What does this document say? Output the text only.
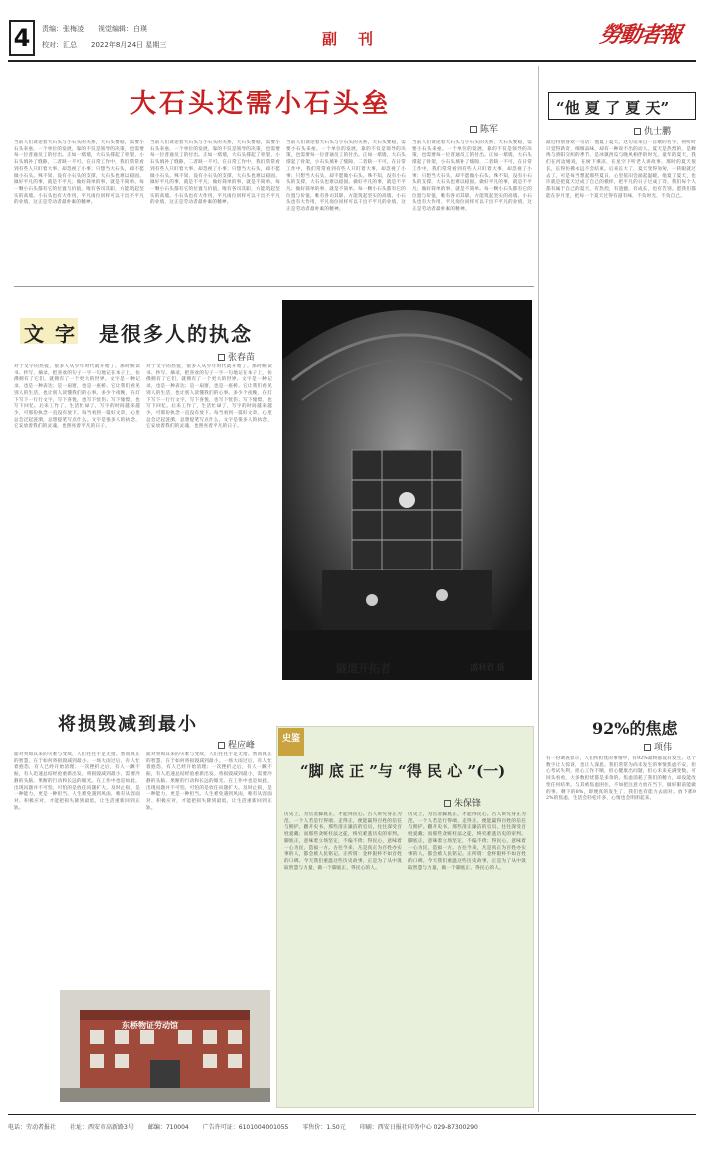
4 责编：张梅凌　　视觉编辑：白瑛
校对：汇总　　2022年8月24日 星期三	副　刊	勞動者報
大石头还需小石头垒
陈军
当前人们谈论着大石头与小石头的关系，大石头要稳，需要小石头来垒。一个单位的发展，靠的不仅是领导的决策，也需要每一位普通员工的付出。正如一堵墙，大石头撑起了骨架，小石头填补了缝隙，二者缺一不可。在日常工作中，我们常常看到有些人只盯着大事，却忽视了小事；只想当大石头，却不愿做小石头。殊不知，没有小石头的支撑，大石头也难以稳固。做好平凡的事，就是不平凡；做好简单的事，就是不简单。每一颗小石头都有它的位置与价值，唯有各司其职，方能筑起坚实的高墙。小石头也有大作用，平凡岗位同样可以干出不平凡的业绩，这正是劳动者最朴素的精神。
当前人们谈论着大石头与小石头的关系，大石头要稳，需要小石头来垒。一个单位的发展，靠的不仅是领导的决策，也需要每一位普通员工的付出。正如一堵墙，大石头撑起了骨架，小石头填补了缝隙，二者缺一不可。在日常工作中，我们常常看到有些人只盯着大事，却忽视了小事；只想当大石头，却不愿做小石头。殊不知，没有小石头的支撑，大石头也难以稳固。做好平凡的事，就是不平凡；做好简单的事，就是不简单。每一颗小石头都有它的位置与价值，唯有各司其职，方能筑起坚实的高墙。小石头也有大作用，平凡岗位同样可以干出不平凡的业绩，这正是劳动者最朴素的精神。
当前人们谈论着大石头与小石头的关系，大石头要稳，需要小石头来垒。一个单位的发展，靠的不仅是领导的决策，也需要每一位普通员工的付出。正如一堵墙，大石头撑起了骨架，小石头填补了缝隙，二者缺一不可。在日常工作中，我们常常看到有些人只盯着大事，却忽视了小事；只想当大石头，却不愿做小石头。殊不知，没有小石头的支撑，大石头也难以稳固。做好平凡的事，就是不平凡；做好简单的事，就是不简单。每一颗小石头都有它的位置与价值，唯有各司其职，方能筑起坚实的高墙。小石头也有大作用，平凡岗位同样可以干出不平凡的业绩，这正是劳动者最朴素的精神。
当前人们谈论着大石头与小石头的关系，大石头要稳，需要小石头来垒。一个单位的发展，靠的不仅是领导的决策，也需要每一位普通员工的付出。正如一堵墙，大石头撑起了骨架，小石头填补了缝隙，二者缺一不可。在日常工作中，我们常常看到有些人只盯着大事，却忽视了小事；只想当大石头，却不愿做小石头。殊不知，没有小石头的支撑，大石头也难以稳固。做好平凡的事，就是不平凡；做好简单的事，就是不简单。每一颗小石头都有它的位置与价值，唯有各司其职，方能筑起坚实的高墙。小石头也有大作用，平凡岗位同样可以干出不平凡的业绩，这正是劳动者最朴素的精神。
文 字　是很多人的执念
张春苗
对于文字的热爱，很多人从少年时代就开始了。那时候读书、抄写、摘录，把喜欢的句子一字一句地记在本子上，仿佛拥有了它们，就拥有了一个更大的世界。文字是一种记录，也是一种表达；是一扇窗，也是一座桥。它让我们看见别人的生活，也让别人读懂我们的心事。多少个夜晚，在灯下写下一行行文字，写下喜悦，也写下忧伤；写下憧憬，也写下回忆。后来工作了，生活忙碌了，写字的时间越来越少，可那份执念一直没有放下。每当看到一篇好文章，心里总会泛起涟漪，总想提笔写点什么。文字是很多人的执念，它安放着我们的灵魂，也照亮着平凡的日子。
对于文字的热爱，很多人从少年时代就开始了。那时候读书、抄写、摘录，把喜欢的句子一字一句地记在本子上，仿佛拥有了它们，就拥有了一个更大的世界。文字是一种记录，也是一种表达；是一扇窗，也是一座桥。它让我们看见别人的生活，也让别人读懂我们的心事。多少个夜晚，在灯下写下一行行文字，写下喜悦，也写下忧伤；写下憧憬，也写下回忆。后来工作了，生活忙碌了，写字的时间越来越少，可那份执念一直没有放下。每当看到一篇好文章，心里总会泛起涟漪，总想提笔写点什么。文字是很多人的执念，它安放着我们的灵魂，也照亮着平凡的日子。
隧道开拓者	盛利君 摄
将损毁减到最小
程应峰
面对突如其来的灾难与变故，人们往往手足无措。然而真正的智慧，在于如何将损毁减到最小。一场大雨过后，有人忙着抱怨，有人已经开始清理；一次挫折之后，有人一蹶不振，有人迅速总结经验重新出发。将损毁减到最小，需要冷静的头脑、果断的行动和长远的眼光。在工作中也是如此，出现问题并不可怕，可怕的是放任问题扩大。及时止损，是一种能力，更是一种担当。人生难免遇到风雨，唯有从容面对、积极应对，才能把损失降到最低，让生活重新回到正轨。
面对突如其来的灾难与变故，人们往往手足无措。然而真正的智慧，在于如何将损毁减到最小。一场大雨过后，有人忙着抱怨，有人已经开始清理；一次挫折之后，有人一蹶不振，有人迅速总结经验重新出发。将损毁减到最小，需要冷静的头脑、果断的行动和长远的眼光。在工作中也是如此，出现问题并不可怕，可怕的是放任问题扩大。及时止损，是一种能力，更是一种担当。人生难免遇到风雨，唯有从容面对、积极应对，才能把损失降到最低，让生活重新回到正轨。
东桥物证劳动馆
史鉴
“脚 底 正 ”与 “得 民 心 ”(一)
朱保锋
历史上，为官者脚底正，才能得民心。古人讲究身正为范，一个人若是行得端、走得正，便能赢得百姓的信任与拥护。翻开史书，那些清正廉洁的官员，往往深受百姓爱戴；而那些贪赃枉法之徒，终究难逃历史的审判。脚底正，意味着立场坚定，不偏不倚；得民心，意味着一心为民，造福一方。古往今来，凡是真正为百姓办实事的人，都会被人民铭记。正所谓：金杯银杯不如百姓的口碑。今天我们重温这些历史故事，正是为了从中汲取智慧与力量，做一个脚底正、得民心的人。
历史上，为官者脚底正，才能得民心。古人讲究身正为范，一个人若是行得端、走得正，便能赢得百姓的信任与拥护。翻开史书，那些清正廉洁的官员，往往深受百姓爱戴；而那些贪赃枉法之徒，终究难逃历史的审判。脚底正，意味着立场坚定，不偏不倚；得民心，意味着一心为民，造福一方。古往今来，凡是真正为百姓办实事的人，都会被人民铭记。正所谓：金杯银杯不如百姓的口碑。今天我们重温这些历史故事，正是为了从中汲取智慧与力量，做一个脚底正、得民心的人。
“他 夏 了 夏 天”
仇士鹏
最近特别喜欢一句话：他夏了夏天。这句话来自一首歌的名字，初听时只觉得新奇，细细品味，却有一种说不出的动人。夏天是热烈的，是蝉鸣与骄阳交织的季节，是冰镇西瓜与晚风相伴的时光。童年的夏天，我们在河边嬉戏，在树下乘凉，在星空下听老人讲故事。那时的夏天很长，长得仿佛永远不会结束。后来长大了，夏天变得匆匆，一转眼就过去了。可是每当想起那些夏日，心里依旧会涌起温暖。他夏了夏天，也许就是把夏天过成了自己的模样，把平凡的日子过成了诗。我们每个人都有属于自己的夏天，有热烈，有遗憾，有成长，也有告别。愿我们都能在岁月里，把每一个夏天过得有滋有味，不负时光，不负自己。
92%的焦虑
项伟
有一份调查显示，人们所担忧的事情中，有92%最终都没有发生。这个数字让人惊讶，也让人深思。我们常常为尚未发生的事情焦虑不安，担心考试失利，担心工作不顺，担心健康出问题，担心未来充满变数。可回头看看，大多数担忧都是多余的。焦虑消耗了我们的精力，却没能改变任何结果。与其被焦虑困住，不如把注意力放在当下，做好眼前能做的事。剩下的8%，即便真的发生了，我们也有能力去面对。放下那92%的焦虑，生活会轻松许多，心情也会明朗起来。
电话：劳动者报社 社址：西安市高新路3号 邮编：710004 广告许可证：6101004001055 零售价：1.50元 印刷：西安日报社印务中心 029-87300290
